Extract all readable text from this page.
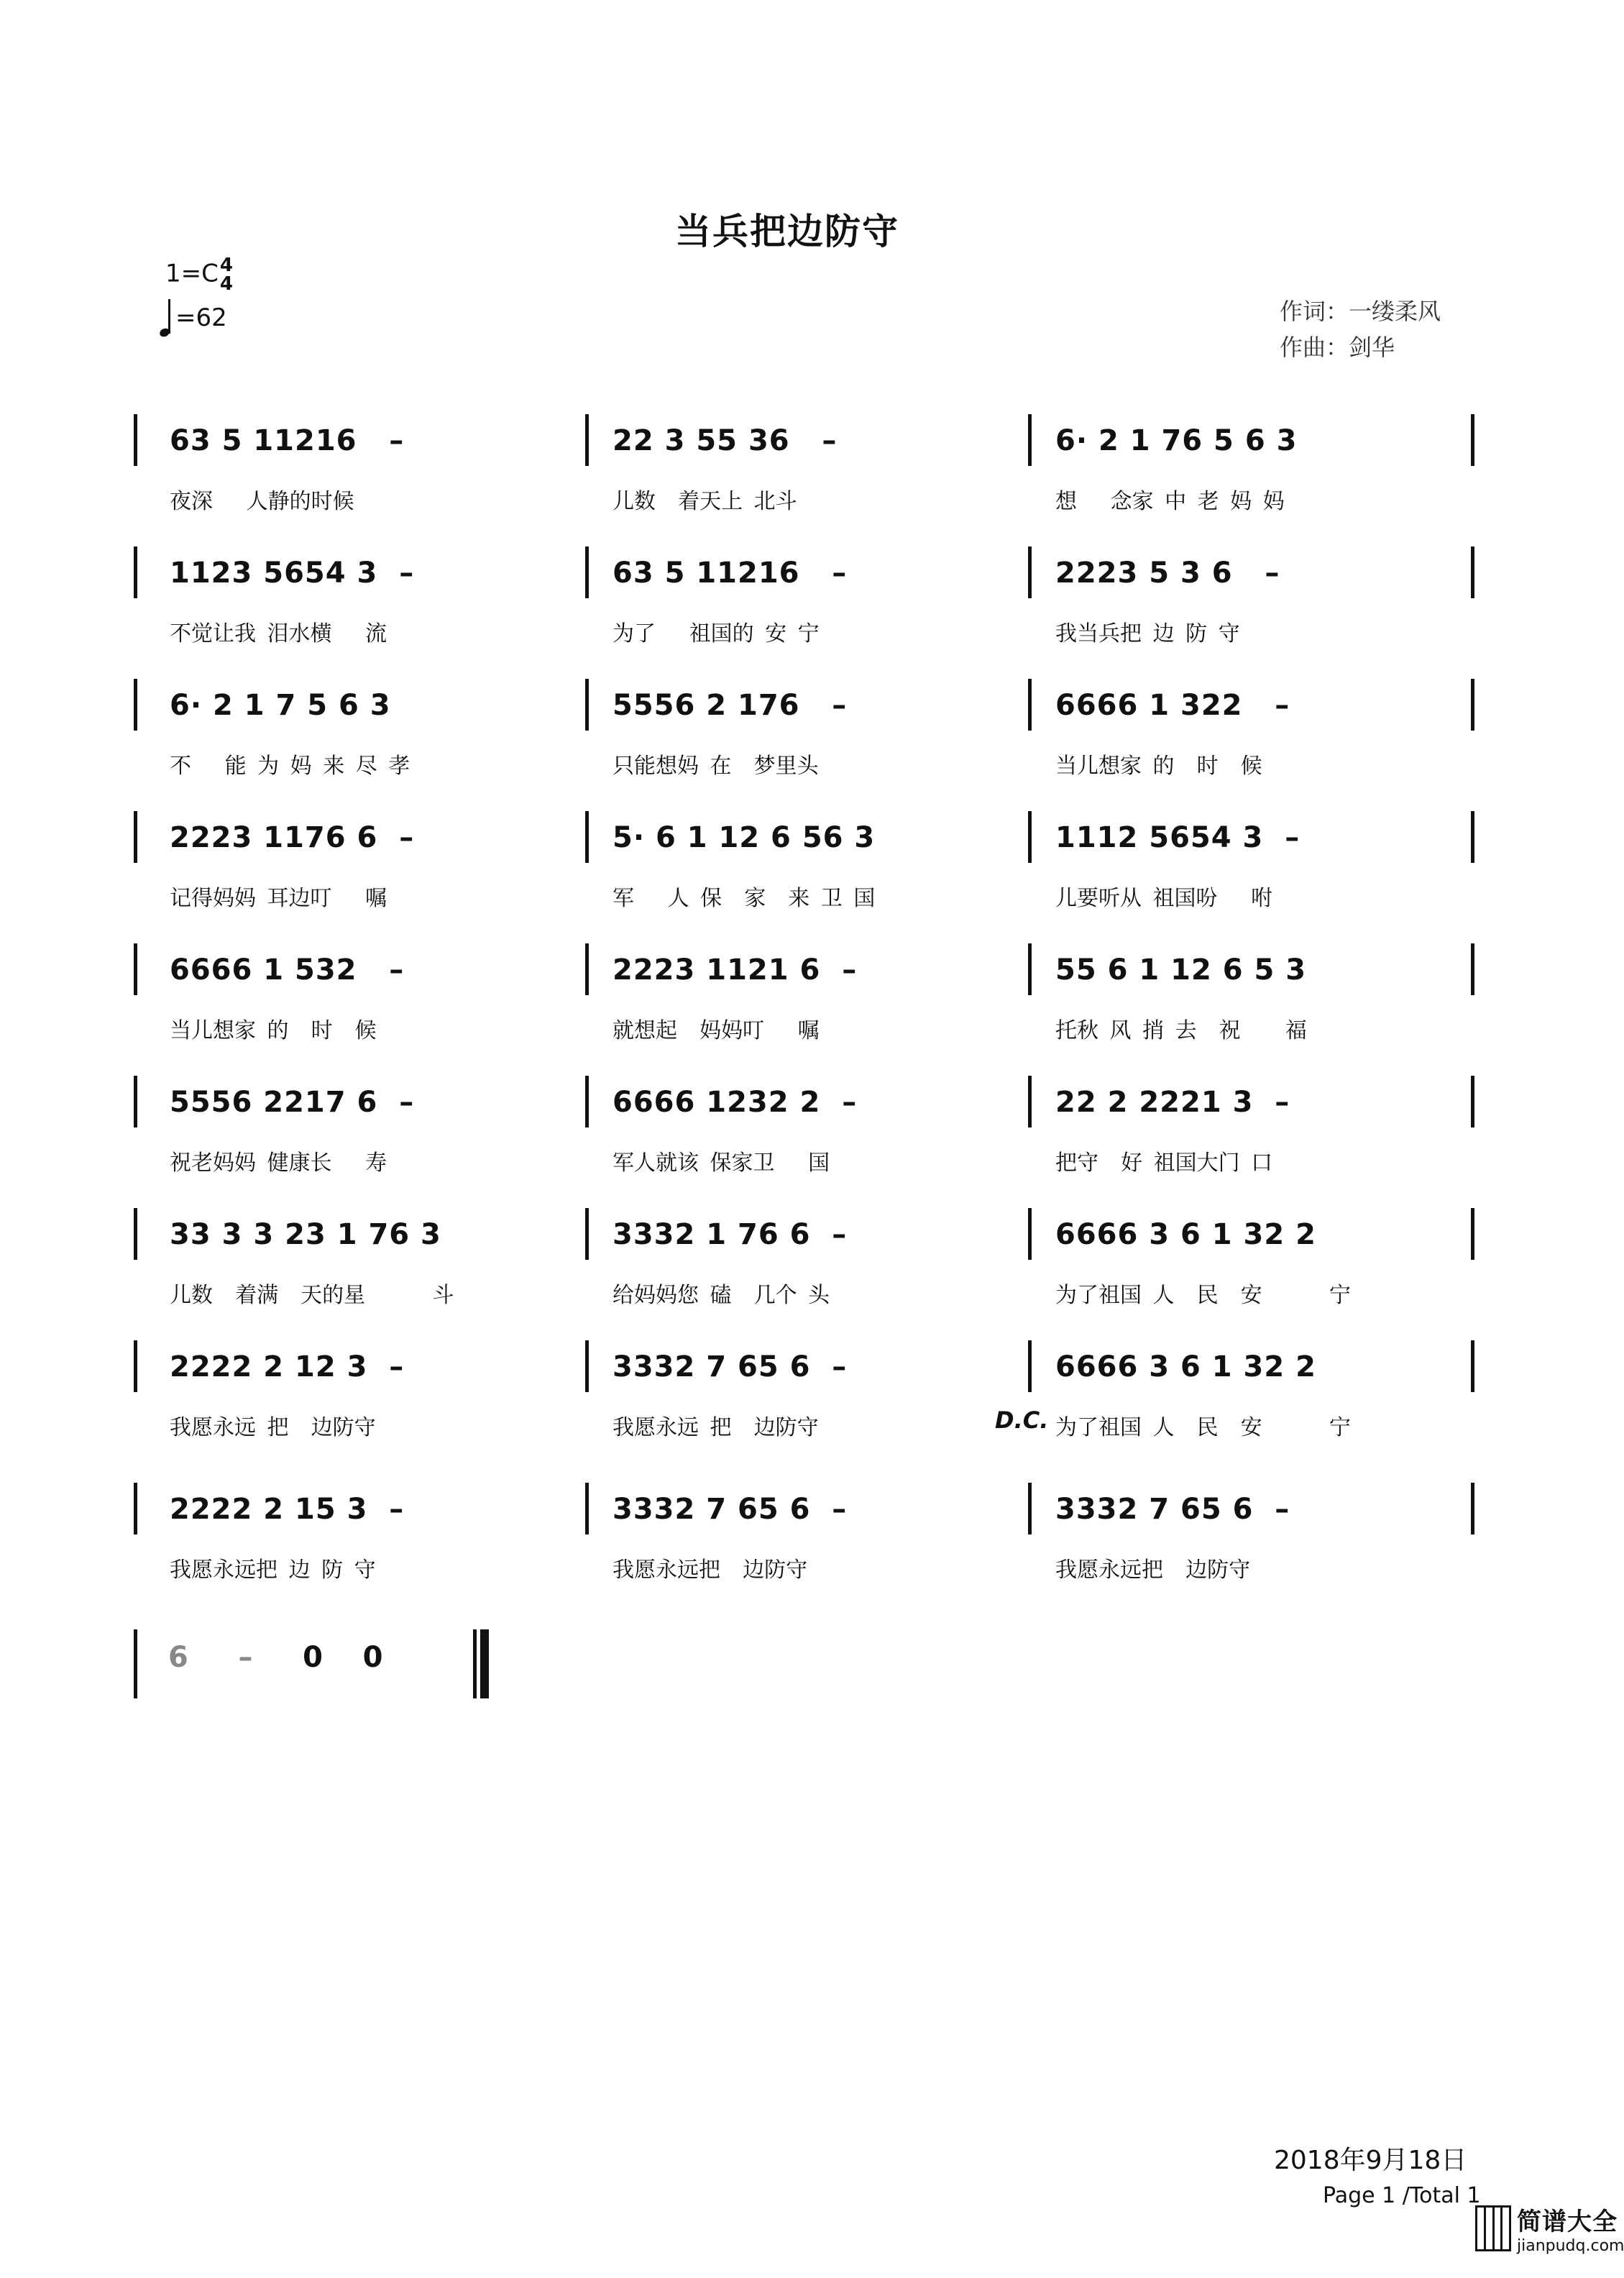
当兵把边防守
1=C4
4
=62	作词：一缕柔风
作曲：剑华
63 5 11216   –
夜深   人静的时候
22 3 55 36   –
儿数  着天上 北斗
6· 2 1 76 5 6 3
想   念家 中 老 妈 妈
1123 5654 3  –
不觉让我 泪水横   流
63 5 11216   –
为了   祖国的 安 宁
2223 5 3 6   –
我当兵把 边 防 守
6· 2 1 7 5 6 3
不   能 为 妈 来 尽 孝
5556 2 176   –
只能想妈 在  梦里头
6666 1 322   –
当儿想家 的  时  候
2223 1176 6  –
记得妈妈 耳边叮   嘱
5· 6 1 12 6 56 3
军   人 保  家  来 卫 国
1112 5654 3  –
儿要听从 祖国吩   咐
6666 1 532   –
当儿想家 的  时  候
2223 1121 6  –
就想起  妈妈叮   嘱
55 6 1 12 6 5 3
托秋 风 捎 去  祝    福
5556 2217 6  –
祝老妈妈 健康长   寿
6666 1232 2  –
军人就该 保家卫   国
22 2 2221 3  –
把守  好 祖国大门 口
33 3 3 23 1 76 3
儿数  着满  天的星      斗
3332 1 76 6  –
给妈妈您 磕  几个 头
6666 3 6 1 32 2
为了祖国 人  民  安      宁
2222 2 12 3  –
我愿永远 把  边防守
3332 7 65 6  –
我愿永远 把  边防守
6666 3 6 1 32 2
为了祖国 人  民  安      宁
D.C.
2222 2 15 3  –
我愿永远把 边 防 守
3332 7 65 6  –
我愿永远把  边防守
3332 7 65 6  –
我愿永远把  边防守
6 – 0 0
2018年9月18日
Page 1 /Total 1
简谱大全
jianpudq.com
